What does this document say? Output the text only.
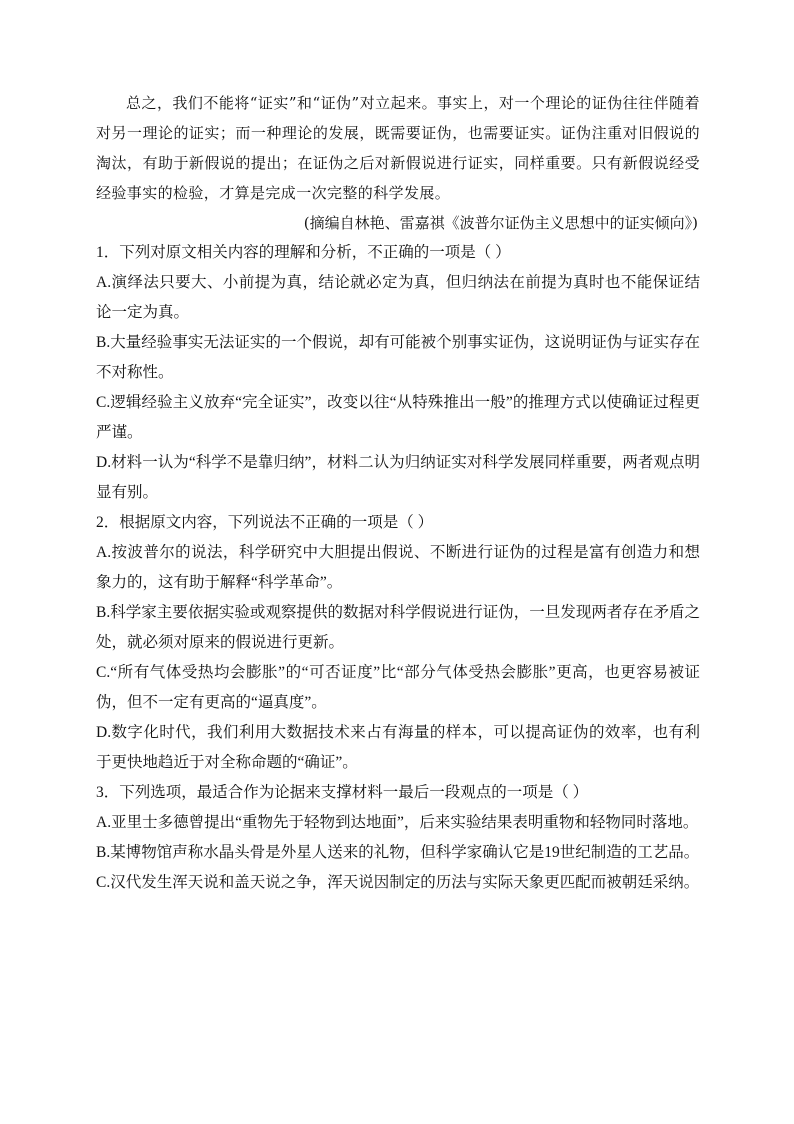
总之，我们不能将“证实”和“证伪”对立起来。事实上，对一个理论的证伪往往伴随着对另一理论的证实；而一种理论的发展，既需要证伪，也需要证实。证伪注重对旧假说的淘汰，有助于新假说的提出；在证伪之后对新假说进行证实，同样重要。只有新假说经受经验事实的检验，才算是完成一次完整的科学发展。

(摘编自林艳、雷嘉祺《波普尔证伪主义思想中的证实倾向》)

1．下列对原文相关内容的理解和分析，不正确的一项是（ ）

A.演绎法只要大、小前提为真，结论就必定为真，但归纳法在前提为真时也不能保证结论一定为真。

B.大量经验事实无法证实的一个假说，却有可能被个别事实证伪，这说明证伪与证实存在不对称性。

C.逻辑经验主义放弃“完全证实”，改变以往“从特殊推出一般”的推理方式以使确证过程更严谨。

D.材料一认为“科学不是靠归纳”，材料二认为归纳证实对科学发展同样重要，两者观点明显有别。

2．根据原文内容，下列说法不正确的一项是（ ）

A.按波普尔的说法，科学研究中大胆提出假说、不断进行证伪的过程是富有创造力和想象力的，这有助于解释“科学革命”。

B.科学家主要依据实验或观察提供的数据对科学假说进行证伪，一旦发现两者存在矛盾之处，就必须对原来的假说进行更新。

C.“所有气体受热均会膨胀”的“可否证度”比“部分气体受热会膨胀”更高，也更容易被证伪，但不一定有更高的“逼真度”。

D.数字化时代，我们利用大数据技术来占有海量的样本，可以提高证伪的效率，也有利于更快地趋近于对全称命题的“确证”。

3．下列选项，最适合作为论据来支撑材料一最后一段观点的一项是（ ）

A.亚里士多德曾提出“重物先于轻物到达地面”，后来实验结果表明重物和轻物同时落地。

B.某博物馆声称水晶头骨是外星人送来的礼物，但科学家确认它是19世纪制造的工艺品。

C.汉代发生浑天说和盖天说之争，浑天说因制定的历法与实际天象更匹配而被朝廷采纳。
